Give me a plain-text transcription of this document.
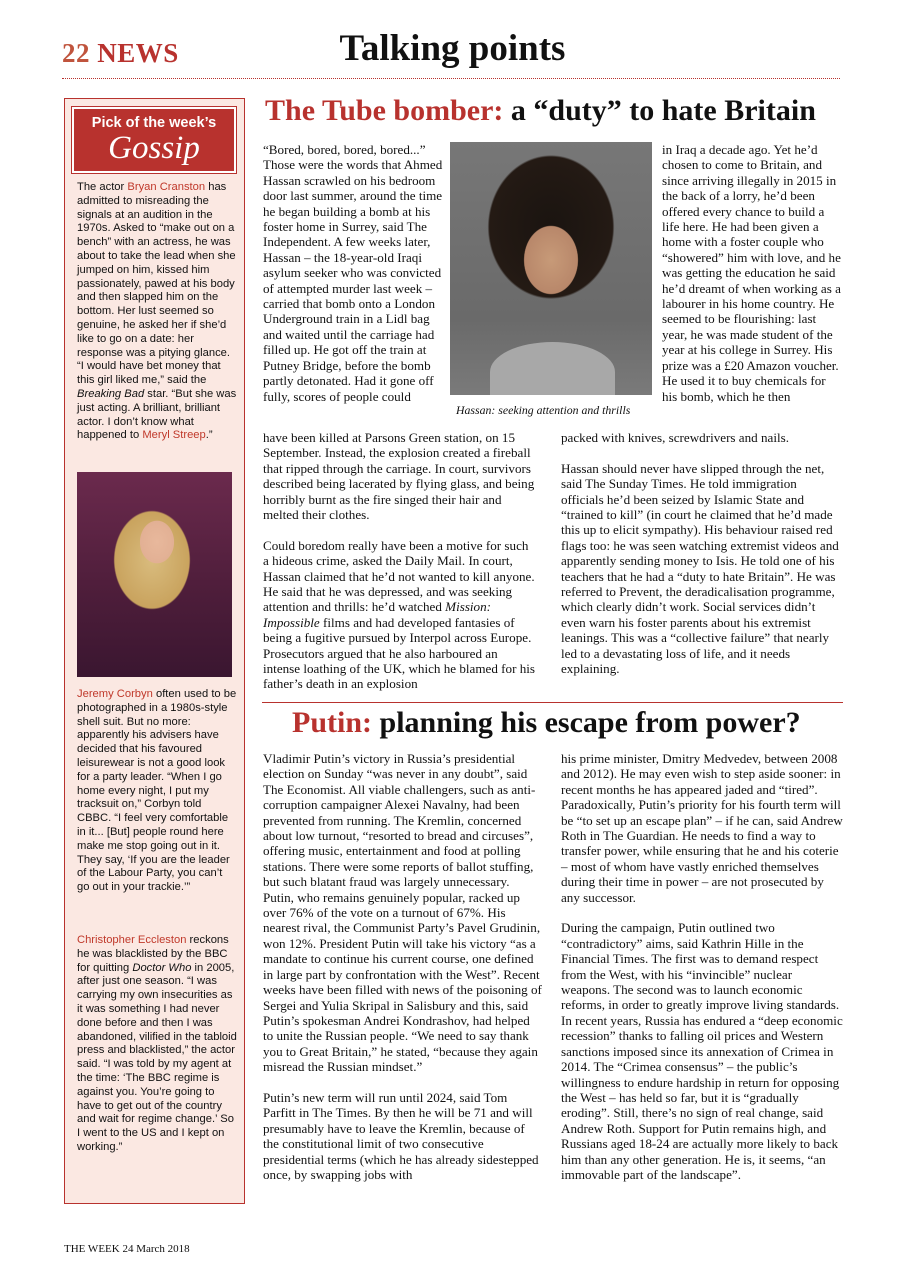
22 NEWS	Talking points
Pick of the week’s
Gossip
The actor Bryan Cranston has admitted to misreading the signals at an audition in the 1970s. Asked to “make out on a bench” with an actress, he was about to take the lead when she jumped on him, kissed him passionately, pawed at his body and then slapped him on the bottom. Her lust seemed so genuine, he asked her if she’d like to go on a date: her response was a pitying glance. “I would have bet money that this girl liked me,” said the Breaking Bad star. “But she was just acting. A brilliant, brilliant actor. I don’t know what happened to Meryl Streep.”
Jeremy Corbyn often used to be photographed in a 1980s-style shell suit. But no more: apparently his advisers have decided that his favoured leisurewear is not a good look for a party leader. “When I go home every night, I put my tracksuit on,” Corbyn told CBBC. “I feel very comfortable in it... [But] people round here make me stop going out in it. They say, ‘If you are the leader of the Labour Party, you can’t go out in your trackie.’”
Christopher Eccleston reckons he was blacklisted by the BBC for quitting Doctor Who in 2005, after just one season. “I was carrying my own insecurities as it was something I had never done before and then I was abandoned, vilified in the tabloid press and blacklisted,” the actor said. “I was told by my agent at the time: ‘The BBC regime is against you. You’re going to have to get out of the country and wait for regime change.’ So I went to the US and I kept on working.”
The Tube bomber: a “duty” to hate Britain
Hassan: seeking attention and thrills
“Bored, bored, bored, bored...” Those were the words that Ahmed Hassan scrawled on his bedroom door last summer, around the time he began building a bomb at his foster home in Surrey, said The Independent. A few weeks later, Hassan – the 18-year-old Iraqi asylum seeker who was convicted of attempted murder last week – carried that bomb onto a London Underground train in a Lidl bag and waited until the carriage had filled up. He got off the train at Putney Bridge, before the bomb partly detonated. Had it gone off fully, scores of people could

have been killed at Parsons Green station, on 15 September. Instead, the explosion created a fireball that ripped through the carriage. In court, survivors described being lacerated by flying glass, and being horribly burnt as the fire singed their hair and melted their clothes.

Could boredom really have been a motive for such a hideous crime, asked the Daily Mail. In court, Hassan claimed that he’d not wanted to kill anyone. He said that he was depressed, and was seeking attention and thrills: he’d watched Mission: Impossible films and had developed fantasies of being a fugitive pursued by Interpol across Europe. Prosecutors argued that he also harboured an intense loathing of the UK, which he blamed for his father’s death in an explosion

in Iraq a decade ago. Yet he’d chosen to come to Britain, and since arriving illegally in 2015 in the back of a lorry, he’d been offered every chance to build a life here. He had been given a home with a foster couple who “showered” him with love, and he was getting the education he said he’d dreamt of when working as a labourer in his home country. He seemed to be flourishing: last year, he was made student of the year at his college in Surrey. His prize was a £20 Amazon voucher. He used it to buy chemicals for his bomb, which he then

packed with knives, screwdrivers and nails.

Hassan should never have slipped through the net, said The Sunday Times. He told immigration officials he’d been seized by Islamic State and “trained to kill” (in court he claimed that he’d made this up to elicit sympathy). His behaviour raised red flags too: he was seen watching extremist videos and apparently sending money to Isis. He told one of his teachers that he had a “duty to hate Britain”. He was referred to Prevent, the deradicalisation programme, which clearly didn’t work. Social services didn’t even warn his foster parents about his extremist leanings. This was a “collective failure” that nearly led to a devastating loss of life, and it needs explaining.

Putin: planning his escape from power?

Vladimir Putin’s victory in Russia’s presidential election on Sunday “was never in any doubt”, said The Economist. All viable challengers, such as anti-corruption campaigner Alexei Navalny, had been prevented from running. The Kremlin, concerned about low turnout, “resorted to bread and circuses”, offering music, entertainment and food at polling stations. There were some reports of ballot stuffing, but such blatant fraud was largely unnecessary. Putin, who remains genuinely popular, racked up over 76% of the vote on a turnout of 67%. His nearest rival, the Communist Party’s Pavel Grudinin, won 12%. President Putin will take his victory “as a mandate to continue his current course, one defined in large part by confrontation with the West”. Recent weeks have been filled with news of the poisoning of Sergei and Yulia Skripal in Salisbury and this, said Putin’s spokesman Andrei Kondrashov, had helped to unite the Russian people. “We need to say thank you to Great Britain,” he stated, “because they again misread the Russian mindset.”

Putin’s new term will run until 2024, said Tom Parfitt in The Times. By then he will be 71 and will presumably have to leave the Kremlin, because of the constitutional limit of two consecutive presidential terms (which he has already sidestepped once, by swapping jobs with

his prime minister, Dmitry Medvedev, between 2008 and 2012). He may even wish to step aside sooner: in recent months he has appeared jaded and “tired”. Paradoxically, Putin’s priority for his fourth term will be “to set up an escape plan” – if he can, said Andrew Roth in The Guardian. He needs to find a way to transfer power, while ensuring that he and his coterie – most of whom have vastly enriched themselves during their time in power – are not prosecuted by any successor.

During the campaign, Putin outlined two “contradictory” aims, said Kathrin Hille in the Financial Times. The first was to demand respect from the West, with his “invincible” nuclear weapons. The second was to launch economic reforms, in order to greatly improve living standards. In recent years, Russia has endured a “deep economic recession” thanks to falling oil prices and Western sanctions imposed since its annexation of Crimea in 2014. The “Crimea consensus” – the public’s willingness to endure hardship in return for opposing the West – has held so far, but it is “gradually eroding”. Still, there’s no sign of real change, said Andrew Roth. Support for Putin remains high, and Russians aged 18-24 are actually more likely to back him than any other generation. He is, it seems, “an immovable part of the landscape”.

THE WEEK 24 March 2018
